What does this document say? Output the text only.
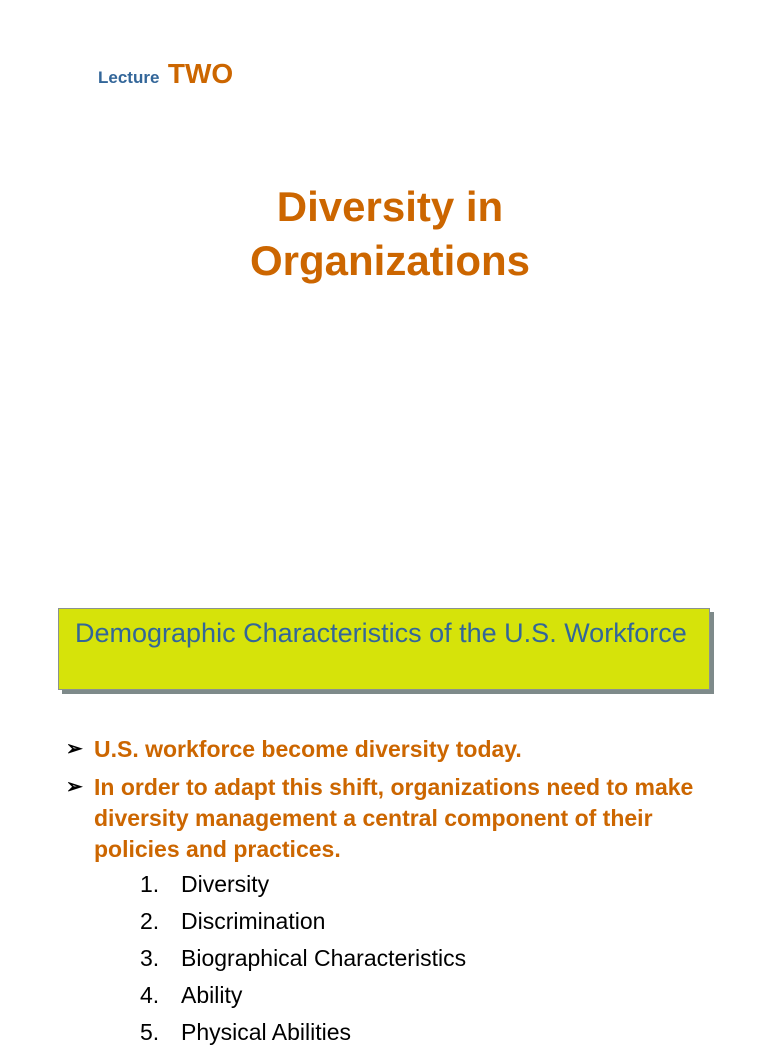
Lecture TWO
Diversity in
Organizations
Demographic Characteristics of the U.S. Workforce
➢ U.S. workforce become diversity today.
➢ In order to adapt this shift, organizations need to make diversity management a central component of their policies and practices.
1. Diversity
2. Discrimination
3. Biographical Characteristics
4. Ability
5. Physical Abilities
